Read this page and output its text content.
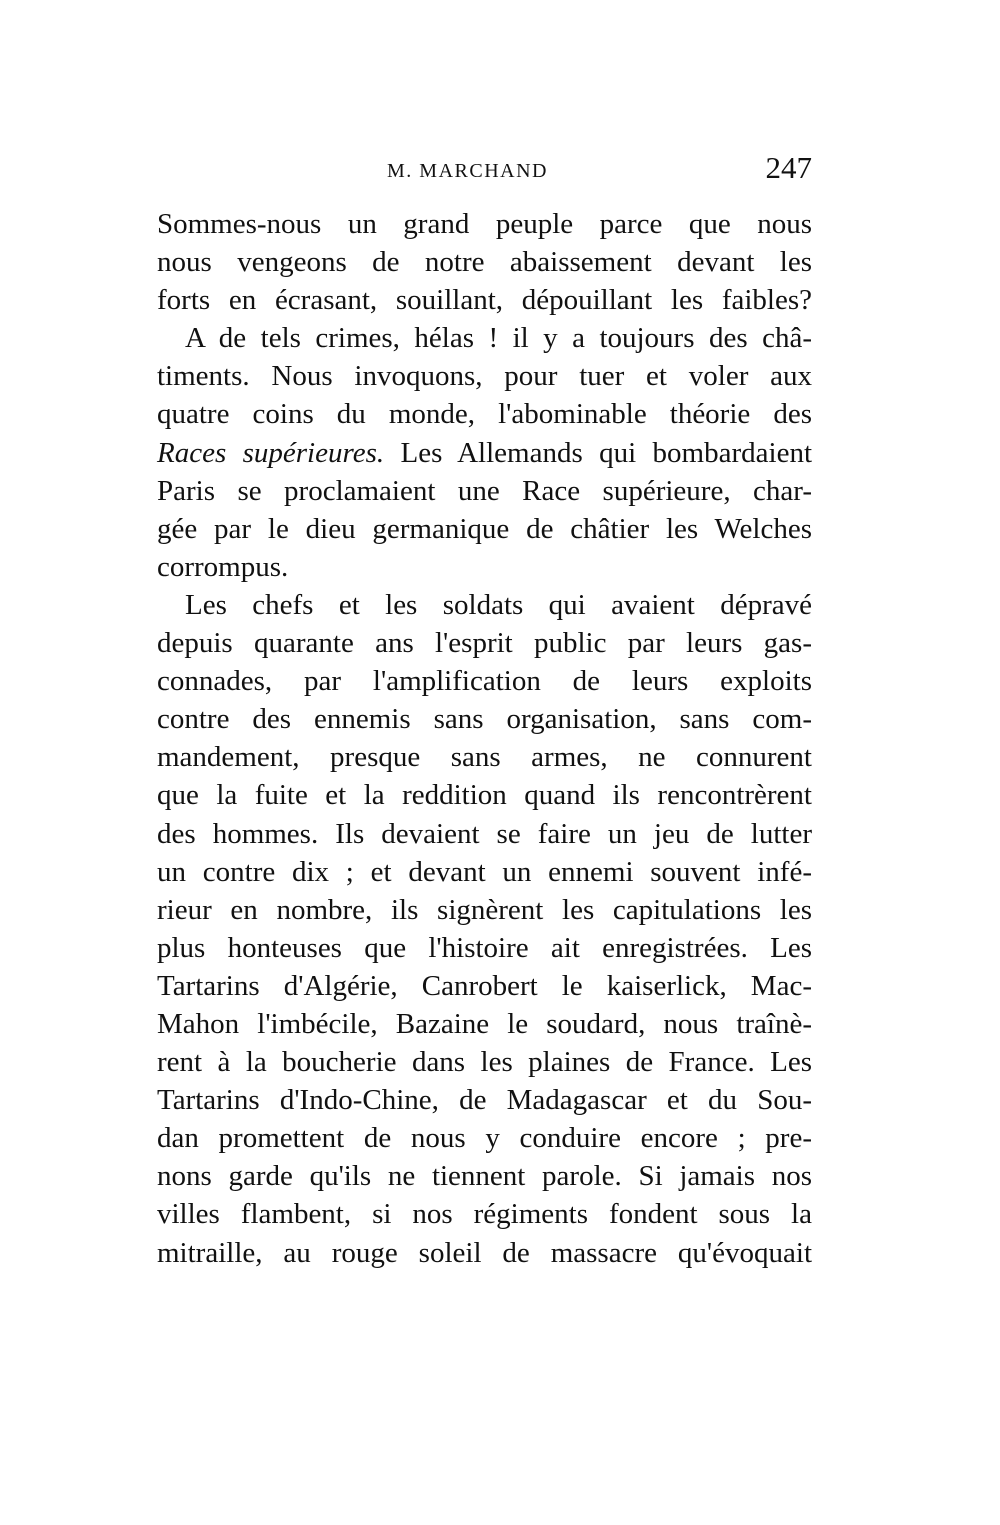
M. MARCHAND	247
Sommes-nous un grand peuple parce que nous
nous vengeons de notre abaissement devant les
forts en écrasant, souillant, dépouillant les faibles?
A de tels crimes, hélas ! il y a toujours des châ-
timents. Nous invoquons, pour tuer et voler aux
quatre coins du monde, l'abominable théorie des
Races supérieures. Les Allemands qui bombardaient
Paris se proclamaient une Race supérieure, char-
gée par le dieu germanique de châtier les Welches
corrompus.
Les chefs et les soldats qui avaient dépravé
depuis quarante ans l'esprit public par leurs gas-
connades, par l'amplification de leurs exploits
contre des ennemis sans organisation, sans com-
mandement, presque sans armes, ne connurent
que la fuite et la reddition quand ils rencontrèrent
des hommes. Ils devaient se faire un jeu de lutter
un contre dix ; et devant un ennemi souvent infé-
rieur en nombre, ils signèrent les capitulations les
plus honteuses que l'histoire ait enregistrées. Les
Tartarins d'Algérie, Canrobert le kaiserlick, Mac-
Mahon l'imbécile, Bazaine le soudard, nous traînè-
rent à la boucherie dans les plaines de France. Les
Tartarins d'Indo-Chine, de Madagascar et du Sou-
dan promettent de nous y conduire encore ; pre-
nons garde qu'ils ne tiennent parole. Si jamais nos
villes flambent, si nos régiments fondent sous la
mitraille, au rouge soleil de massacre qu'évoquait
